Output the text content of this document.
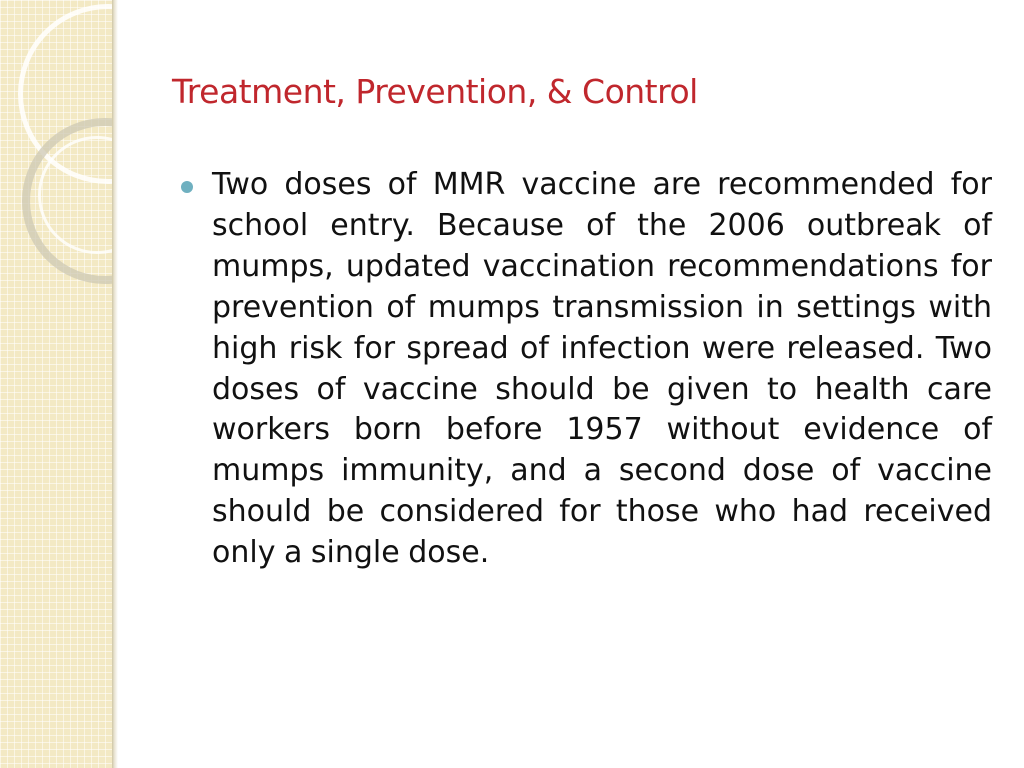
Treatment, Prevention, & Control

Two doses of MMR vaccine are recommended for school entry. Because of the 2006 outbreak of mumps, updated vaccination recommendations for prevention of mumps transmission in settings with high risk for spread of infection were released. Two doses of vaccine should be given to health care workers born before 1957 without evidence of mumps immunity, and a second dose of vaccine should be considered for those who had received only a single dose.
